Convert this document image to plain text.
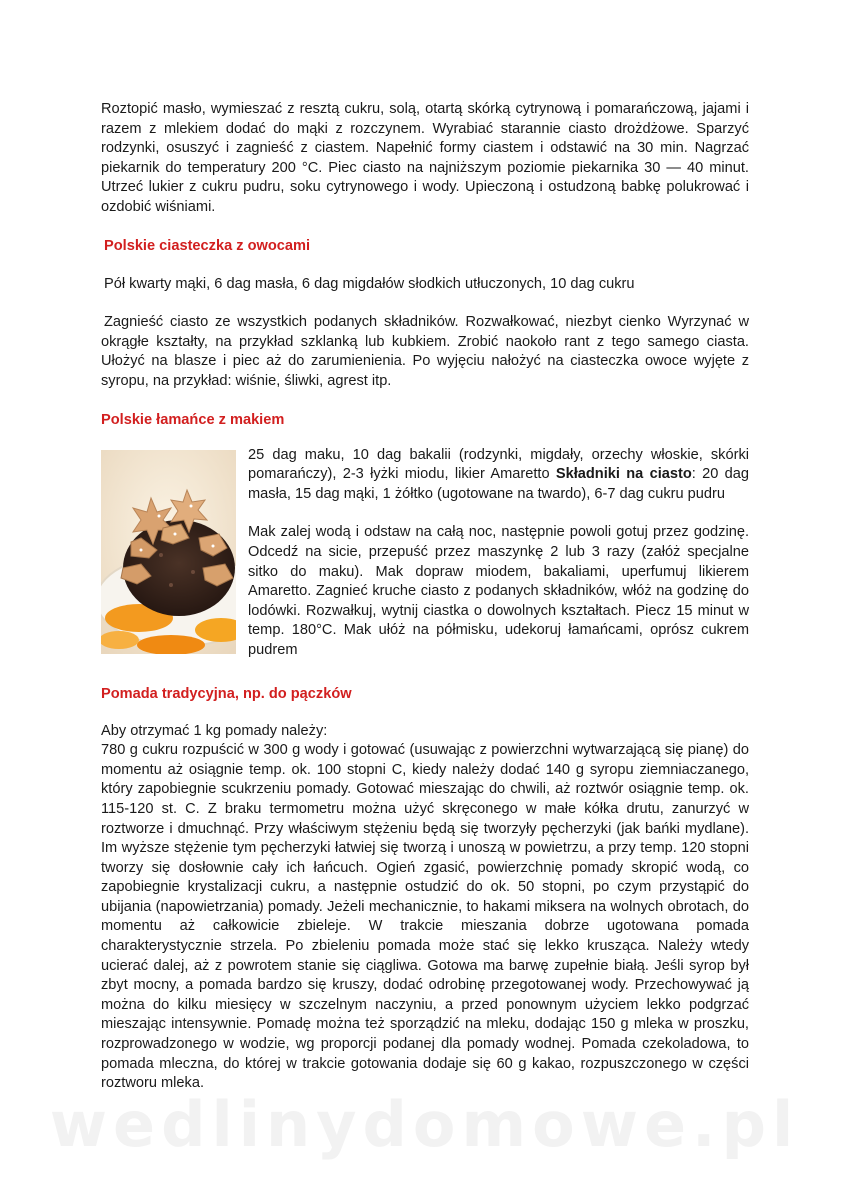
Roztopić masło, wymieszać z resztą cukru, solą, otartą skórką cytrynową i pomarańczową, jajami i razem z mlekiem dodać do mąki z rozczynem. Wyrabiać starannie ciasto drożdżowe. Sparzyć rodzynki, osuszyć i zagnieść z ciastem. Napełnić formy ciastem i odstawić na 30 min. Nagrzać piekarnik do temperatury 200 °C. Piec ciasto na najniższym poziomie piekarnika 30 — 40 minut. Utrzeć lukier z cukru pudru, soku cytrynowego i wody. Upieczoną i ostudzoną babkę polukrować i ozdobić wiśniami.

Polskie ciasteczka z owocami

Pół kwarty mąki, 6 dag masła, 6 dag migdałów słodkich utłuczonych, 10 dag cukru

Zagnieść ciasto ze wszystkich podanych składników. Rozwałkować, niezbyt cienko Wyrzynać w okrągłe kształty, na przykład szklanką lub kubkiem. Zrobić naokoło rant z tego samego ciasta. Ułożyć na blasze i piec aż do zarumienienia. Po wyjęciu nałożyć na ciasteczka owoce wyjęte z syropu, na przykład: wiśnie, śliwki, agrest itp.

Polskie łamańce z makiem

25 dag maku, 10 dag bakalii (rodzynki, migdały, orzechy włoskie, skórki pomarańczy), 2-3 łyżki miodu, likier Amaretto Składniki na ciasto: 20 dag masła, 15 dag mąki, 1 żółtko (ugotowane na twardo), 6-7 dag cukru pudru

Mak zalej wodą i odstaw na całą noc, następnie powoli gotuj przez godzinę. Odcedź na sicie, przepuść przez maszynkę 2 lub 3 razy (załóż specjalne sitko do maku). Mak dopraw miodem, bakaliami, uperfumuj likierem Amaretto. Zagnieć kruche ciasto z podanych składników, włóż na godzinę do lodówki. Rozwałkuj, wytnij ciastka o dowolnych kształtach. Piecz 15 minut w temp. 180°C. Mak ułóż na półmisku, udekoruj łamańcami, oprósz cukrem pudrem

Pomada tradycyjna, np. do pączków

Aby otrzymać 1 kg pomady należy:

780 g cukru rozpuścić w 300 g wody i gotować (usuwając z powierzchni wytwarzającą się pianę) do momentu aż osiągnie temp. ok. 100 stopni C, kiedy należy dodać 140 g syropu ziemniaczanego, który zapobiegnie scukrzeniu pomady. Gotować mieszając do chwili, aż roztwór osiągnie temp. ok. 115-120 st. C. Z braku termometru można użyć skręconego w małe kółka drutu, zanurzyć w roztworze i dmuchnąć. Przy właściwym stężeniu będą się tworzyły pęcherzyki (jak bańki mydlane). Im wyższe stężenie tym pęcherzyki łatwiej się tworzą i unoszą w powietrzu, a przy temp. 120 stopni tworzy się dosłownie cały ich łańcuch. Ogień zgasić, powierzchnię pomady skropić wodą, co zapobiegnie krystalizacji cukru, a następnie ostudzić do ok. 50 stopni, po czym przystąpić do ubijania (napowietrzania) pomady. Jeżeli mechanicznie, to hakami miksera na wolnych obrotach, do momentu aż całkowicie zbieleje. W trakcie mieszania dobrze ugotowana pomada charakterystycznie strzela. Po zbieleniu pomada może stać się lekko krusząca. Należy wtedy ucierać dalej, aż z powrotem stanie się ciągliwa. Gotowa ma barwę zupełnie białą. Jeśli syrop był zbyt mocny, a pomada bardzo się kruszy, dodać odrobinę przegotowanej wody. Przechowywać ją można do kilku miesięcy w szczelnym naczyniu, a przed ponownym użyciem lekko podgrzać mieszając intensywnie. Pomadę można też sporządzić na mleku, dodając 150 g mleka w proszku, rozprowadzonego w wodzie, wg proporcji podanej dla pomady wodnej. Pomada czekoladowa, to pomada mleczna, do której w trakcie gotowania dodaje się 60 g kakao, rozpuszczonego w części roztworu mleka.

wedlinydomowe.pl
